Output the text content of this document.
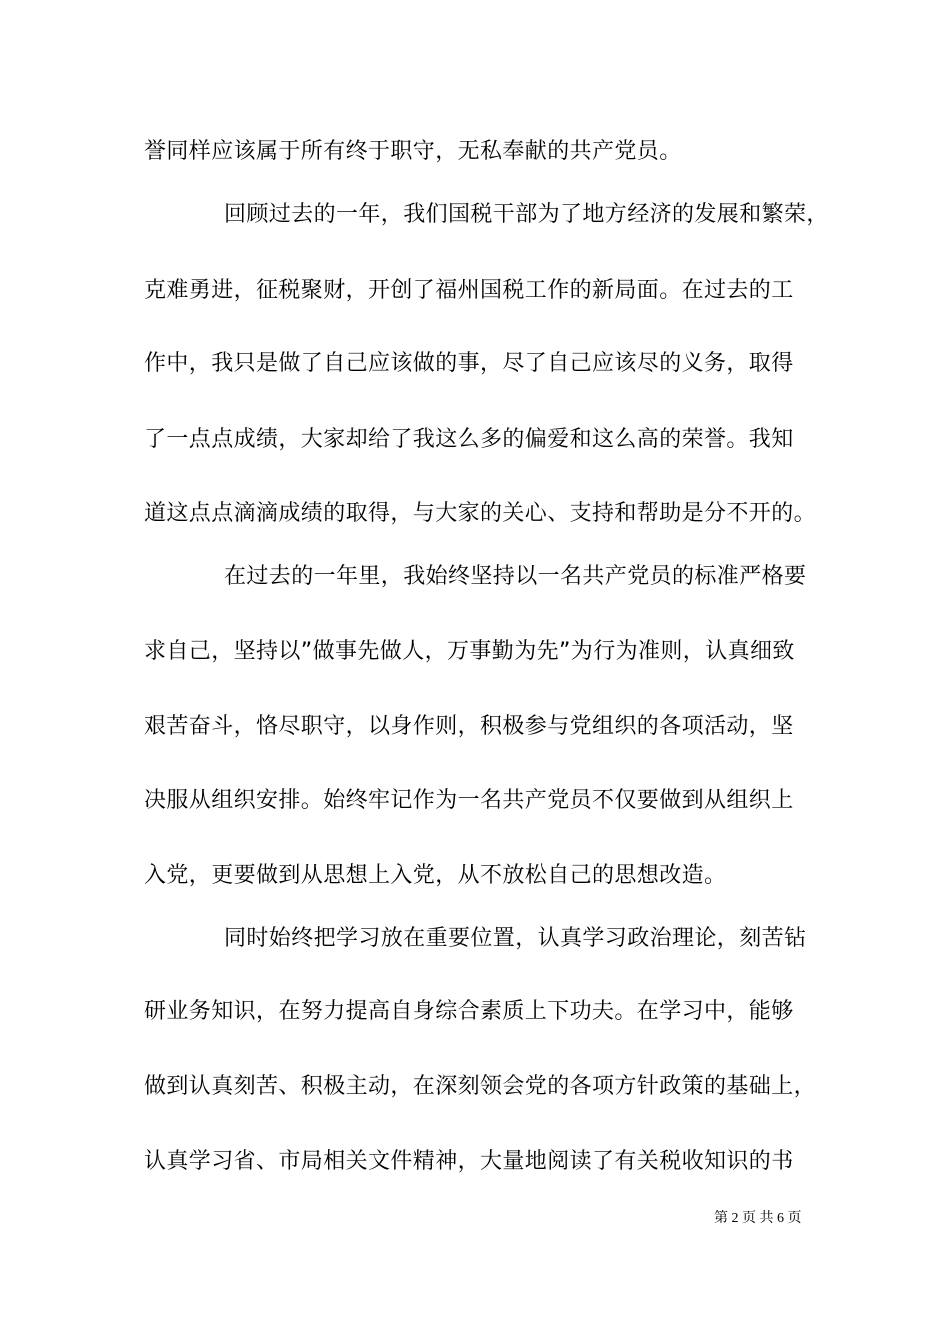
誉同样应该属于所有终于职守，无私奉献的共产党员。
回顾过去的一年，我们国税干部为了地方经济的发展和繁荣，
克难勇进，征税聚财，开创了福州国税工作的新局面。在过去的工
作中，我只是做了自己应该做的事，尽了自己应该尽的义务，取得
了一点点成绩，大家却给了我这么多的偏爱和这么高的荣誉。我知
道这点点滴滴成绩的取得，与大家的关心、支持和帮助是分不开的。
在过去的一年里，我始终坚持以一名共产党员的标准严格要
求自己，坚持以”做事先做人，万事勤为先”为行为准则，认真细致
艰苦奋斗，恪尽职守，以身作则，积极参与党组织的各项活动，坚
决服从组织安排。始终牢记作为一名共产党员不仅要做到从组织上
入党，更要做到从思想上入党，从不放松自己的思想改造。
同时始终把学习放在重要位置，认真学习政治理论，刻苦钻
研业务知识，在努力提高自身综合素质上下功夫。在学习中，能够
做到认真刻苦、积极主动，在深刻领会党的各项方针政策的基础上，
认真学习省、市局相关文件精神，大量地阅读了有关税收知识的书
第 2 页 共 6 页
